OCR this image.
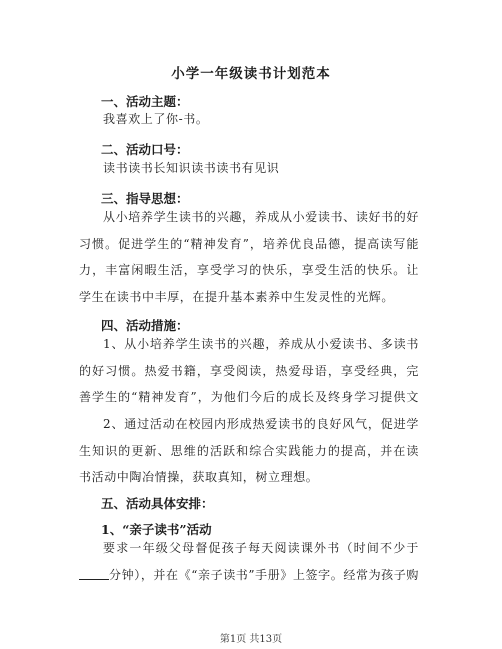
小学一年级读书计划范本
一、活动主题：
我喜欢上了你-书。
二、活动口号：
读书读书长知识读书读书有见识
三、指导思想：
从小培养学生读书的兴趣，养成从小爱读书、读好书的好习惯。促进学生的“精神发育”，培养优良品德，提高读写能力，丰富闲暇生活，享受学习的快乐，享受生活的快乐。让学生在读书中丰厚，在提升基本素养中生发灵性的光辉。
四、活动措施：
1、从小培养学生读书的兴趣，养成从小爱读书、多读书的好习惯。热爱书籍，享受阅读，热爱母语，享受经典，完善学生的“精神发育”，为他们今后的成长及终身学习提供文
2、通过活动在校园内形成热爱读书的良好风气，促进学生知识的更新、思维的活跃和综合实践能力的提高，并在读书活动中陶冶情操，获取真知，树立理想。
五、活动具体安排：
1、“亲子读书”活动
要求一年级父母督促孩子每天阅读课外书（时间不少于分钟），并在《“亲子读书”手册》上签字。经常为孩子购
第1页 共13页
